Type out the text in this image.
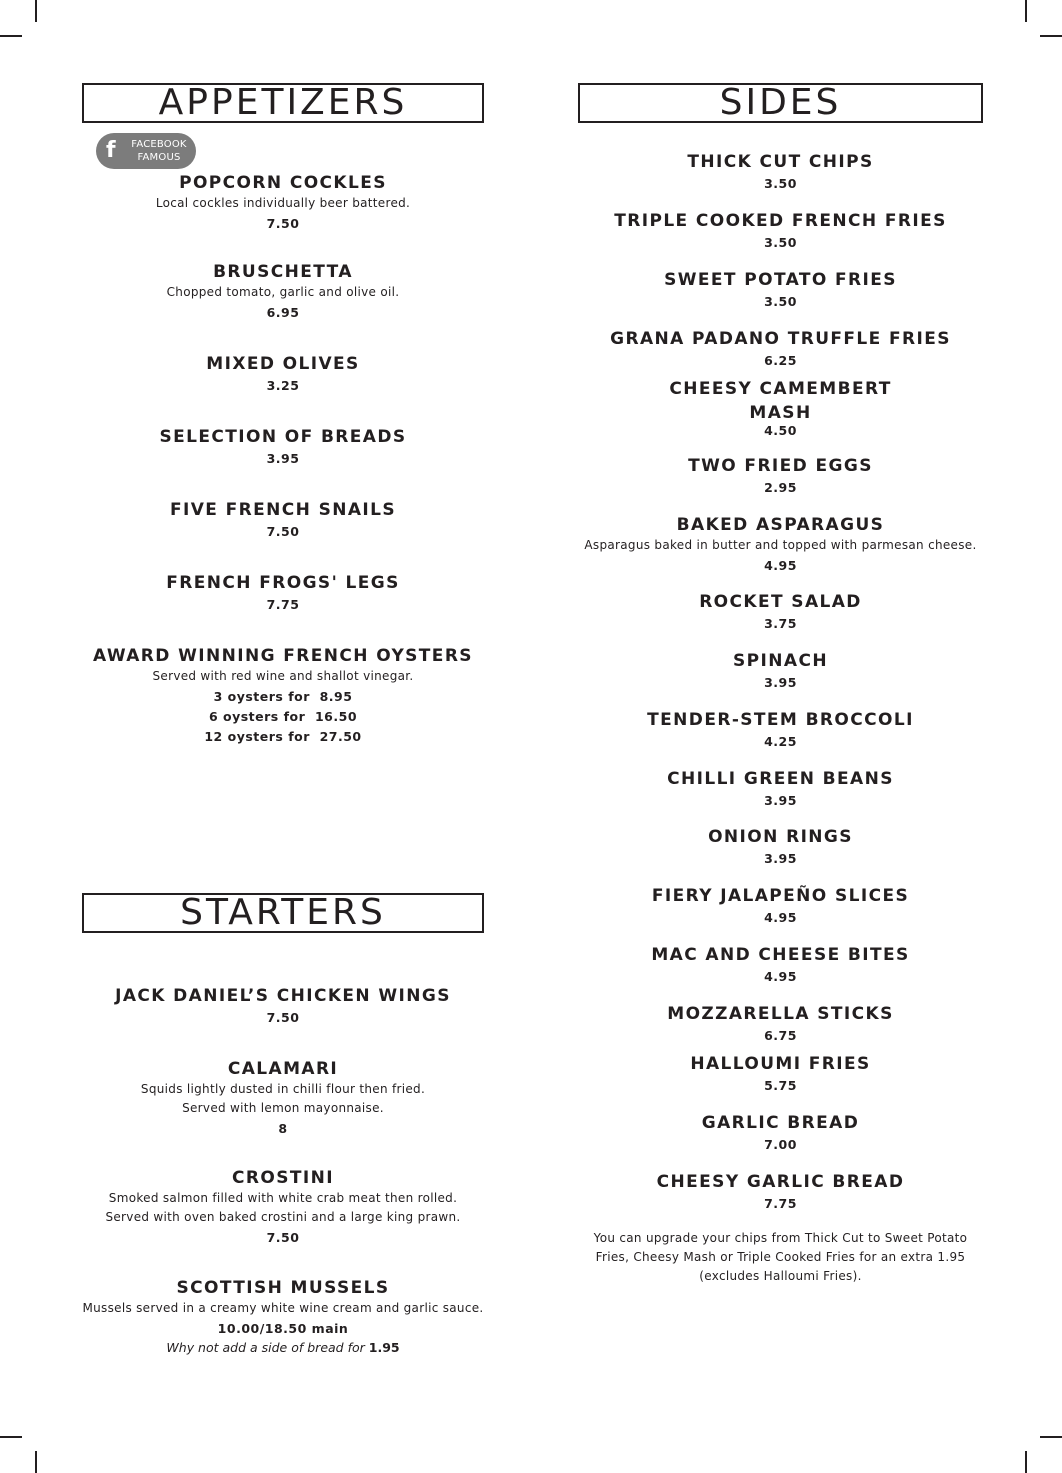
APPETIZERS
f	FACEBOOK
FAMOUS
POPCORN COCKLES
Local cockles individually beer battered.
7.50
BRUSCHETTA
Chopped tomato, garlic and olive oil.
6.95
MIXED OLIVES
3.25
SELECTION OF BREADS
3.95
FIVE FRENCH SNAILS
7.50
FRENCH FROGS' LEGS
7.75
AWARD WINNING FRENCH OYSTERS
Served with red wine and shallot vinegar.
3 oysters for  8.95
6 oysters for  16.50
12 oysters for  27.50
STARTERS
JACK DANIEL’S CHICKEN WINGS
7.50
CALAMARI
Squids lightly dusted in chilli flour then fried.
Served with lemon mayonnaise.
8
CROSTINI
Smoked salmon filled with white crab meat then rolled.
Served with oven baked crostini and a large king prawn.
7.50
SCOTTISH MUSSELS
Mussels served in a creamy white wine cream and garlic sauce.
10.00/18.50 main
Why not add a side of bread for 1.95
SIDES
THICK CUT CHIPS
3.50
TRIPLE COOKED FRENCH FRIES
3.50
SWEET POTATO FRIES
3.50
GRANA PADANO TRUFFLE FRIES
6.25
CHEESY CAMEMBERT
MASH
4.50
TWO FRIED EGGS
2.95
BAKED ASPARAGUS
Asparagus baked in butter and topped with parmesan cheese.
4.95
ROCKET SALAD
3.75
SPINACH
3.95
TENDER-STEM BROCCOLI
4.25
CHILLI GREEN BEANS
3.95
ONION RINGS
3.95
FIERY JALAPEÑO SLICES
4.95
MAC AND CHEESE BITES
4.95
MOZZARELLA STICKS
6.75
HALLOUMI FRIES
5.75
GARLIC BREAD
7.00
CHEESY GARLIC BREAD
7.75
You can upgrade your chips from Thick Cut to Sweet Potato
Fries, Cheesy Mash or Triple Cooked Fries for an extra 1.95
(excludes Halloumi Fries).
